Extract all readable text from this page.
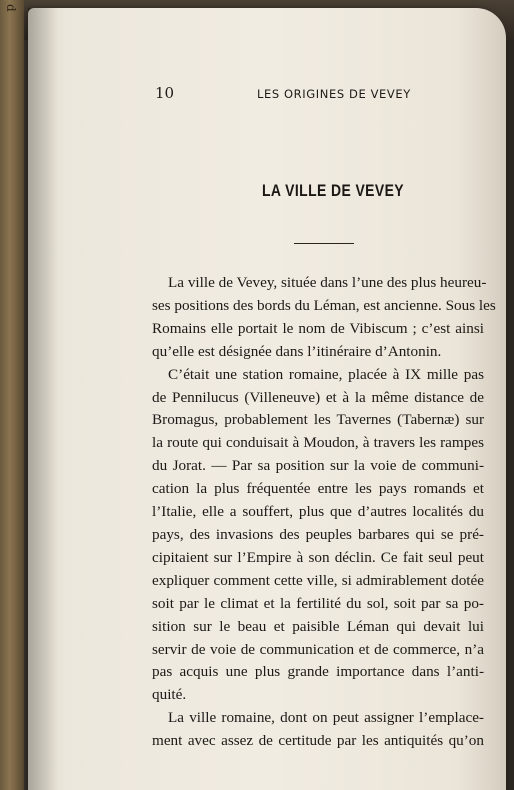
d
10	LES ORIGINES DE VEVEY
LA VILLE DE VEVEY
La ville de Vevey, située dans l’une des plus heureu-
ses positions des bords du Léman, est ancienne. Sous les
Romains elle portait le nom de Vibiscum ; c’est ainsi
qu’elle est désignée dans l’itinéraire d’Antonin.
C’était une station romaine, placée à IX mille pas
de Pennilucus (Villeneuve) et à la même distance de
Bromagus, probablement les Tavernes (Tabernæ) sur
la route qui conduisait à Moudon, à travers les rampes
du Jorat. — Par sa position sur la voie de communi-
cation la plus fréquentée entre les pays romands et
l’Italie, elle a souffert, plus que d’autres localités du
pays, des invasions des peuples barbares qui se pré-
cipitaient sur l’Empire à son déclin. Ce fait seul peut
expliquer comment cette ville, si admirablement dotée
soit par le climat et la fertilité du sol, soit par sa po-
sition sur le beau et paisible Léman qui devait lui
servir de voie de communication et de commerce, n’a
pas acquis une plus grande importance dans l’anti-
quité.
La ville romaine, dont on peut assigner l’emplace-
ment avec assez de certitude par les antiquités qu’on
